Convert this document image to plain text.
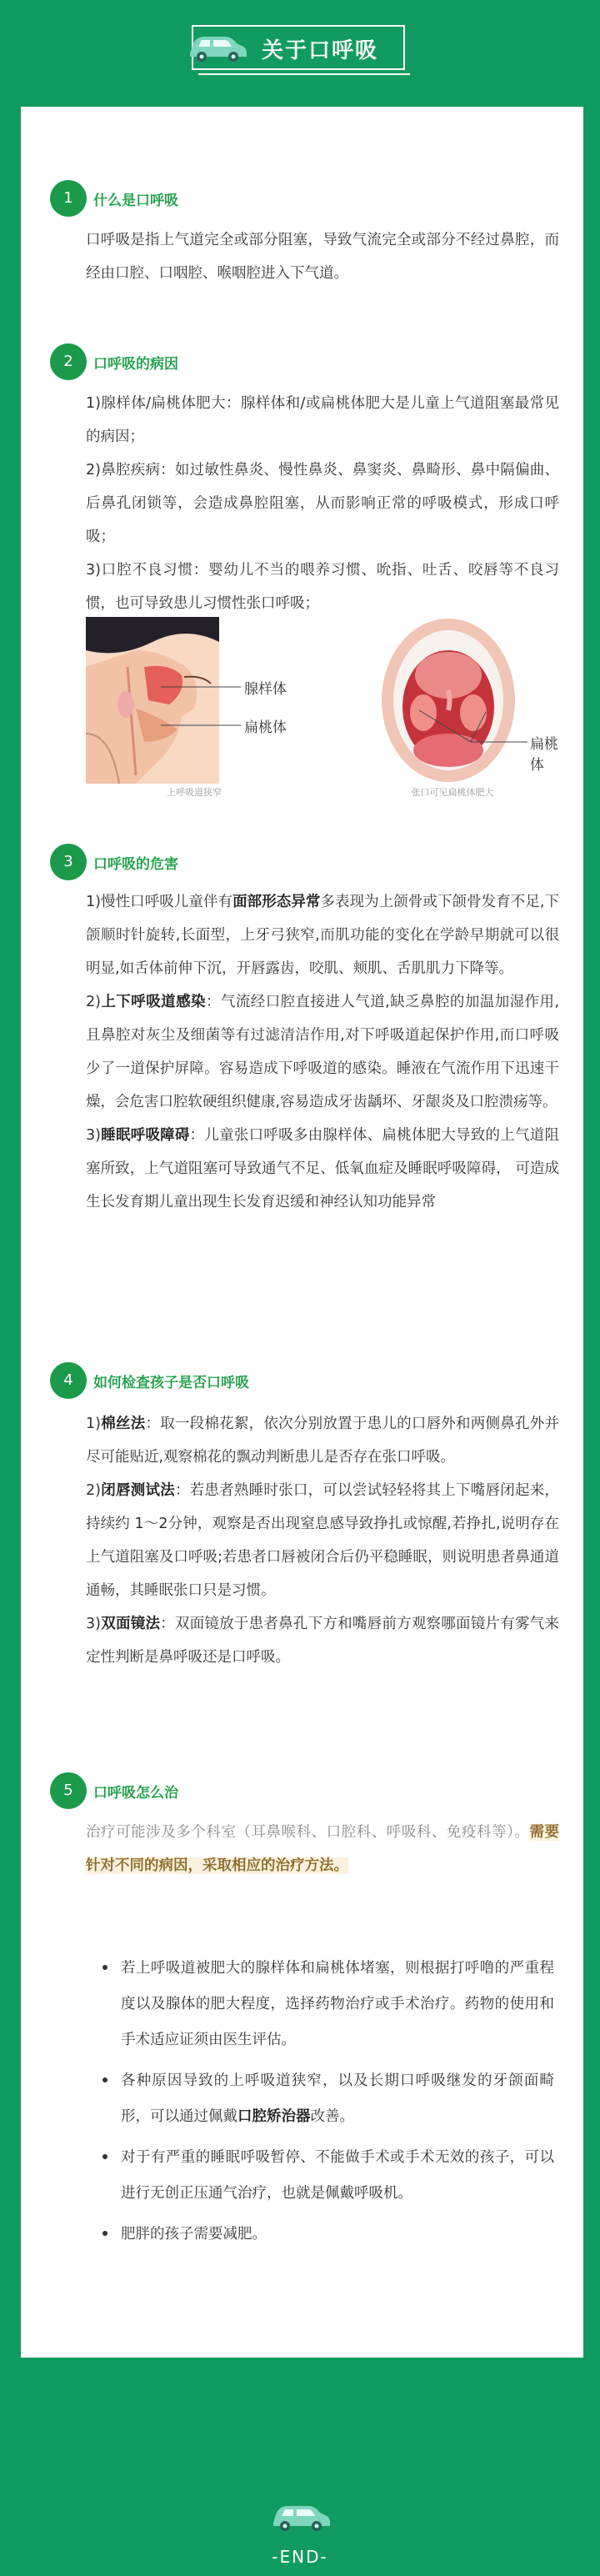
关于口呼吸
1	什么是口呼吸

口呼吸是指上气道完全或部分阻塞，导致气流完全或部分不经过鼻腔，而经由口腔、口咽腔、喉咽腔进入下气道。

2	口呼吸的病因

1)腺样体/扁桃体肥大：腺样体和/或扁桃体肥大是儿童上气道阻塞最常见的病因；

2)鼻腔疾病：如过敏性鼻炎、慢性鼻炎、鼻窦炎、鼻畸形、鼻中隔偏曲、后鼻孔闭锁等，会造成鼻腔阻塞，从而影响正常的呼吸模式，形成口呼吸；

3)口腔不良习惯：婴幼儿不当的喂养习惯、吮指、吐舌、咬唇等不良习惯，也可导致患儿习惯性张口呼吸；

腺样体
扁桃体
上呼吸道狭窄
扁桃体
张口可见扁桃体肥大
3	口呼吸的危害

1)慢性口呼吸儿童伴有面部形态异常多表现为上颌骨或下颌骨发育不足,下颌顺时针旋转,长面型，上牙弓狭窄,而肌功能的变化在学龄早期就可以很明显,如舌体前伸下沉，开唇露齿，咬肌、颊肌、舌肌肌力下降等。

2)上下呼吸道感染：气流经口腔直接进人气道,缺乏鼻腔的加温加湿作用,且鼻腔对灰尘及细菌等有过滤清洁作用,对下呼吸道起保护作用,而口呼吸少了一道保护屏障。容易造成下呼吸道的感染。睡液在气流作用下迅速干燥，会危害口腔软硬组织健康,容易造成牙齿龋坏、牙龈炎及口腔溃疡等。

3)睡眠呼吸障碍：儿童张口呼吸多由腺样体、扁桃体肥大导致的上气道阻塞所致，上气道阻塞可导致通气不足、低氧血症及睡眠呼吸障碍， 可造成生长发育期儿童出现生长发育迟缓和神经认知功能异常

4	如何检查孩子是否口呼吸

1)棉丝法：取一段棉花絮，依次分别放置于患儿的口唇外和两侧鼻孔外并尽可能贴近,观察棉花的飘动判断患儿是否存在张口呼吸。

2)闭唇测试法：若患者熟睡时张口，可以尝试轻轻将其上下嘴唇闭起来，持续约 1～2分钟，观察是否出现窒息感导致挣扎或惊醒,若挣扎,说明存在上气道阻塞及口呼吸;若患者口唇被闭合后仍平稳睡眠，则说明患者鼻通道通畅，其睡眠张口只是习惯。

3)双面镜法：双面镜放于患者鼻孔下方和嘴唇前方观察哪面镜片有雾气来定性判断是鼻呼吸还是口呼吸。

5	口呼吸怎么治

治疗可能涉及多个科室（耳鼻喉科、口腔科、呼吸科、免疫科等）。需要针对不同的病因，采取相应的治疗方法。

若上呼吸道被肥大的腺样体和扁桃体堵塞，则根据打呼噜的严重程度以及腺体的肥大程度，选择药物治疗或手术治疗。药物的使用和手术适应证须由医生评估。
各种原因导致的上呼吸道狭窄，以及长期口呼吸继发的牙颌面畸形，可以通过佩戴口腔矫治器改善。
对于有严重的睡眠呼吸暂停、不能做手术或手术无效的孩子，可以进行无创正压通气治疗，也就是佩戴呼吸机。
肥胖的孩子需要减肥。
-END-
